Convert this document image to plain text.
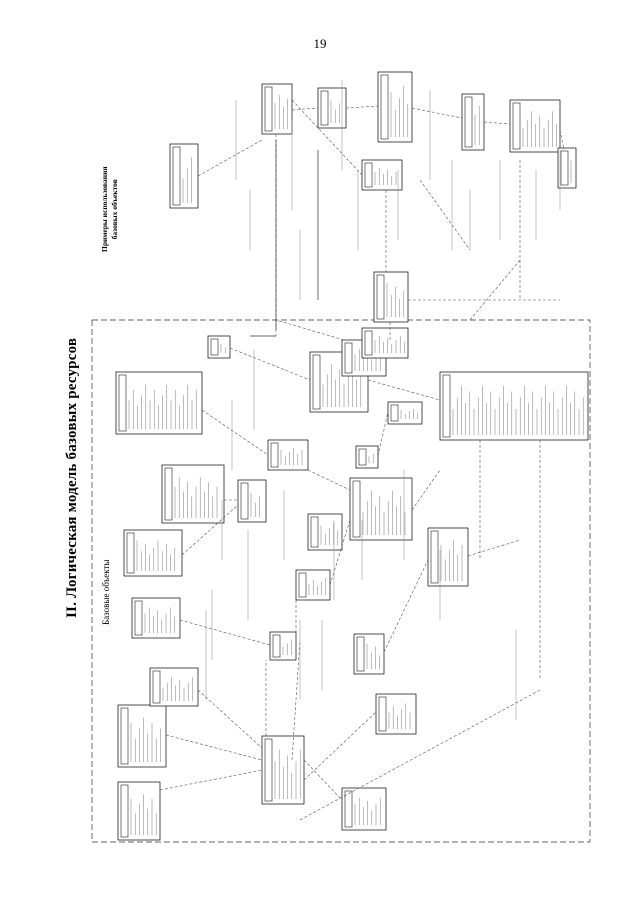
19
II. Логическая модель базовых ресурсов Базовые объекты
Примеры использования базовых объектов
